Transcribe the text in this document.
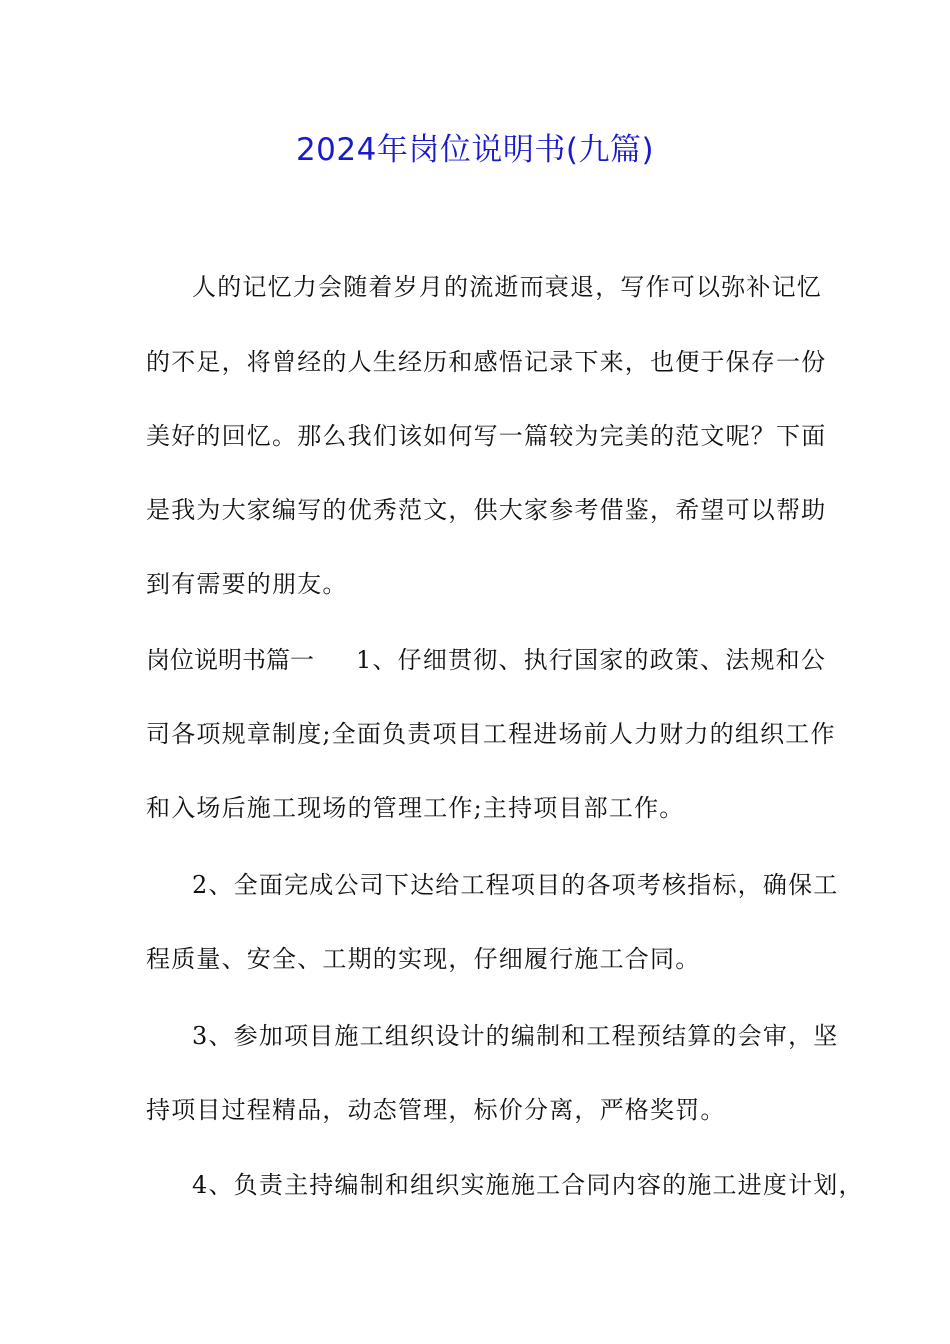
2024年岗位说明书(九篇)
人的记忆力会随着岁月的流逝而衰退，写作可以弥补记忆
的不足，将曾经的人生经历和感悟记录下来，也便于保存一份
美好的回忆。那么我们该如何写一篇较为完美的范文呢？下面
是我为大家编写的优秀范文，供大家参考借鉴，希望可以帮助
到有需要的朋友。
岗位说明书篇一 1、仔细贯彻、执行国家的政策、法规和公
司各项规章制度;全面负责项目工程进场前人力财力的组织工作
和入场后施工现场的管理工作;主持项目部工作。
2、全面完成公司下达给工程项目的各项考核指标，确保工
程质量、安全、工期的实现，仔细履行施工合同。
3、参加项目施工组织设计的编制和工程预结算的会审，坚
持项目过程精品，动态管理，标价分离，严格奖罚。
4、负责主持编制和组织实施施工合同内容的施工进度计划，
